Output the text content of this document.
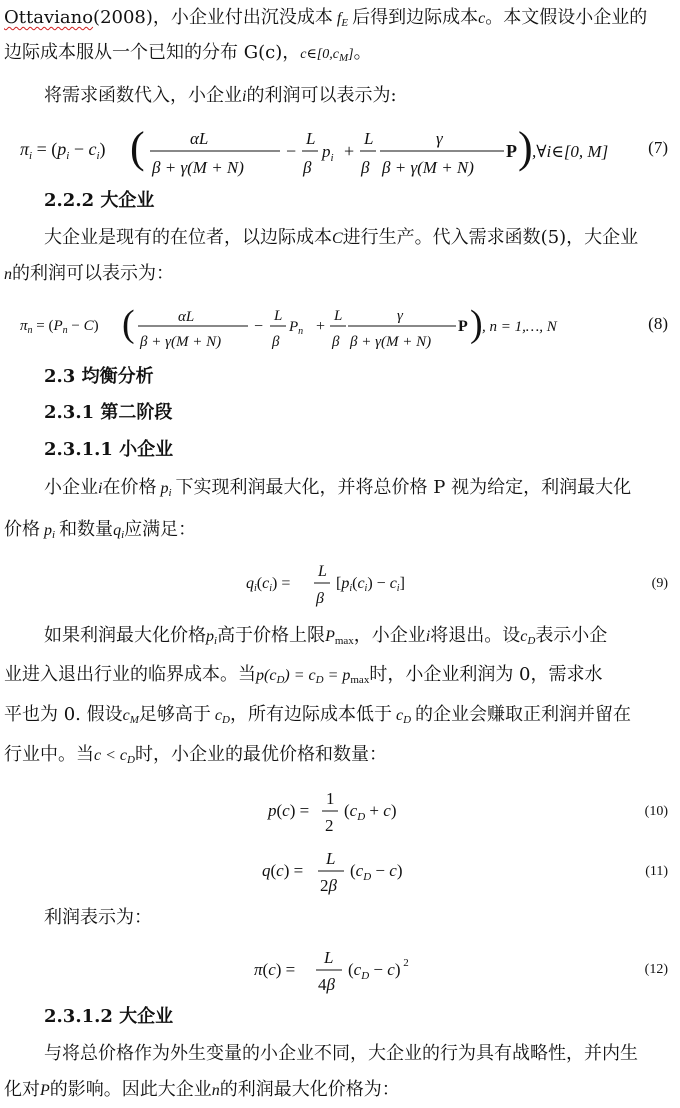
Ottaviano(2008)，小企业付出沉没成本 $f_E$ 后得到边际成本c。本文假设小企业的
边际成本服从一个已知的分布 G(c)，$c\in[0,c_M]$。
将需求函数代入，小企业i的利润可以表示为:
$\pi_i = (p_i - c_i)$ (	αL
β + γ(M + N)
−
L
β
$p_i$ +
L
β
γ
β + γ(M + N)
P ) ,∀i∈[0, M] (7)
2.2.2 大企业
大企业是现有的在位者，以边际成本C进行生产。代入需求函数(5)，大企业
n的利润可以表示为：
$\pi_n = (P_n - C)$ (	αL
β + γ(M + N)
−
L
β
$P_n$ +
L
β
γ
β + γ(M + N)
P ) , n = 1,…, N	(8)
2.3 均衡分析
2.3.1 第二阶段
2.3.1.1 小企业
小企业i在价格 $p_i$ 下实现利润最大化，并将总价格 P 视为给定，利润最大化
价格 $p_i$ 和数量$q_i$应满足：
qi(ci) =
L
β
[pi(ci) − ci]	(9)
如果利润最大化价格$p_i$高于价格上限$P_{max}$，小企业i将退出。设$c_D$表示小企
业进入退出行业的临界成本。当$p(c_D) = c_D = p_{max}$时，小企业利润为 0，需求水
平也为 0. 假设$c_M$足够高于 $c_D$，所有边际成本低于 $c_D$ 的企业会赚取正利润并留在
行业中。当$c < c_D$时，小企业的最优价格和数量：
p(c) =
1
2
$(c_D + c)$	(10)
q(c) =
L
2β
$(c_D - c)$	(11)
利润表示为：
π(c) =
L
4β
$(c_D - c)$ $^2$	(12)
2.3.1.2 大企业
与将总价格作为外生变量的小企业不同，大企业的行为具有战略性，并内生
化对P的影响。因此大企业n的利润最大化价格为：
